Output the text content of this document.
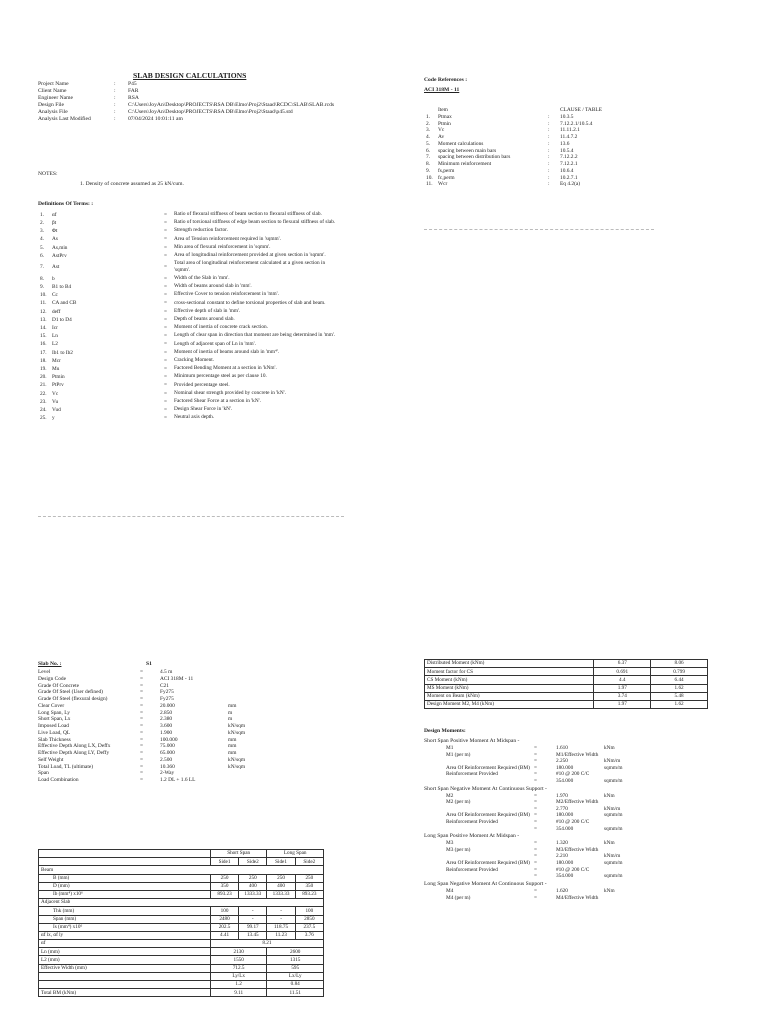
SLAB DESIGN CALCULATIONS
Project Name	:	P45
Client Name	:	FAR
Engineer Name	:	RSA
Design File	:	C:\Users\JoyAn\Desktop\PROJECTS\RSA DB\Elmo\Proj2\Staad\RCDC\SLAB\SLAB.rcds
Analysis File	:	C:\Users\JoyAn\Desktop\PROJECTS\RSA DB\Elmo\Proj2\Staad\p45.std
Analysis Last Modified	:	07/04/2024 10:01:11 am
NOTES:
1. Density of concrete assumed as 25 kN/cum.
Definitions Of Terms: :
1.	αf	=	Ratio of flexural stiffness of beam section to flexural stiffness of slab.
2.	βt	=	Ratio of torsional stiffness of edge beam section to flexural stiffness of slab.
3.	Φt	=	Strength reduction factor.
4.	As	=	Area of Tension reinforcement required in 'sqmm'.
5.	As,min	=	Min area of flexural reinforcement in 'sqmm'.
6.	AstPrv	=	Area of longitudinal reinforcement provided at given section in 'sqmm'.
7.	Ast	=	Total area of longitudinal reinforcement calculated at a given section in 'sqmm'.
8.	b	=	Width of the Slab in 'mm'.
9.	B1 to B4	=	Width of beams around slab in 'mm'.
10.	Cc	=	Effective Cover to tension reinforcement in 'mm'.
11.	CA and CB	=	cross-sectional constant to define torsional properties of slab and beam.
12.	deff	=	Effective depth of slab in 'mm'.
13.	D1 to D4	=	Depth of beams around slab.
14.	Icr	=	Moment of inertia of concrete crack section.
15.	Ln	=	Length of clear span in direction that moment are being determined in 'mm'.
16.	L2	=	Length of adjacent span of Ln in 'mm'.
17.	Ib1 to Ib2	=	Moment of inertia of beams around slab in 'mm⁴'.
18.	Mcr	=	Cracking Moment.
19.	Mu	=	Factored Bending Moment at a section in 'kNm'.
20.	Ptmin	=	Minimum percentage steel as per clause 10.
21.	PtPrv	=	Provided percentage steel.
22.	Vc	=	Nominal shear strength provided by concrete in 'kN'.
23.	Vu	=	Factored Shear Force at a section in 'kN'.
24.	Vud	=	Design Shear Force in 'kN'.
25.	y	=	Neutral axis depth.
Code References :
ACI 318M - 11
	Item		CLAUSE / TABLE
1.	Ptmax	:	10.3.5
2.	Ptmin	:	7.12.2.1/10.5.4
3.	Vc	:	11.11.2.1
4.	Av	:	11.4.7.2
5.	Moment calculations	:	13.6
6.	spacing between main bars	:	10.5.4
7.	spacing between distribution bars	:	7.12.2.2
8.	Minimum reinforcement	:	7.12.2.1
9.	fs,perm	:	10.6.4
10.	fc,perm	:	10.2.7.1
11.	Wcr	:	Eq 4.2(a)
Slab No. :	S1
Level	=	4.5 m	
Design Code	=	ACI 318M - 11	
Grade Of Concrete	=	C21	
Grade Of Steel (User defined)	=	Fy275	
Grade Of Steel (flexural design)	=	Fy275	
Clear Cover	=	20.000	mm
Long Span, Ly	=	2.850	m
Short Span, Lx	=	2.380	m
Imposed Load	=	3.600	kN/sqm
Live Load, QL	=	1.900	kN/sqm
Slab Thickness	=	100.000	mm
Effective Depth Along LX, Deffx	=	75.000	mm
Effective Depth Along LY, Deffy	=	65.000	mm
Self Weight	=	2.500	kN/sqm
Total Load, TL (ultimate)	=	10.360	kN/sqm
Span	=	2-Way	
Load Combination	=	1.2 DL + 1.6 LL	
	Short Span		Long Span	
	Side1	Side2	Side1	Side2
Beam				
B (mm)	250	250	250	250
D (mm)	350	400	400	350
Ib (mm⁴) x10⁶	893.23	1333.33	1333.33	893.23
Adjacent Slab				
Thk (mm)	100	-	-	100
Span (mm)	2480	-	-	2850
Is (mm⁴) x10⁶	202.5	99.17	118.75	237.5
αf lx, αf ly	4.41	13.45	11.23	3.76
αf	8.21			
Ln (mm)	2130		2600	
L2 (mm)	1550		1315	
Effective Width (mm)	712.5		595	
	Ly/Lx		Lx/Ly	
	1.2		0.84	
Total BM (kNm)	9.11		11.51	
Distributed Moment (kNm)	6.37	8.06
Moment factor for CS	0.691	0.799
CS Moment (kNm)	4.4	6.44
MS Moment (kNm)	1.97	1.62
Moment on Beam (kNm)	3.74	5.48
Design Moment M2, M4 (kNm)	1.97	1.62
Design Moments:
Short Span Positive Moment At Midspan -
	M1	=	1.610	kNm
	M1 (per m)	=	M1/Effective Width	
		=	2.250	kNm/m
	Area Of Reinforcement Required (BM)	=	180.000	sqmm/m
	Reinforcement Provided	=	#10 @ 200 C/C	
		=	354.000	sqmm/m
Short Span Negative Moment At Continuous Support -
	M2	=	1.970	kNm
	M2 (per m)	=	M2/Effective Width	
		=	2.770	kNm/m
	Area Of Reinforcement Required (BM)	=	180.000	sqmm/m
	Reinforcement Provided	=	#10 @ 200 C/C	
		=	354.000	sqmm/m
Long Span Positive Moment At Midspan -
	M3	=	1.320	kNm
	M3 (per m)	=	M3/Effective Width	
		=	2.210	kNm/m
	Area Of Reinforcement Required (BM)	=	180.000	sqmm/m
	Reinforcement Provided	=	#10 @ 200 C/C	
		=	354.000	sqmm/m
Long Span Negative Moment At Continuous Support -
	M4	=	1.620	kNm
	M4 (per m)	=	M4/Effective Width	
